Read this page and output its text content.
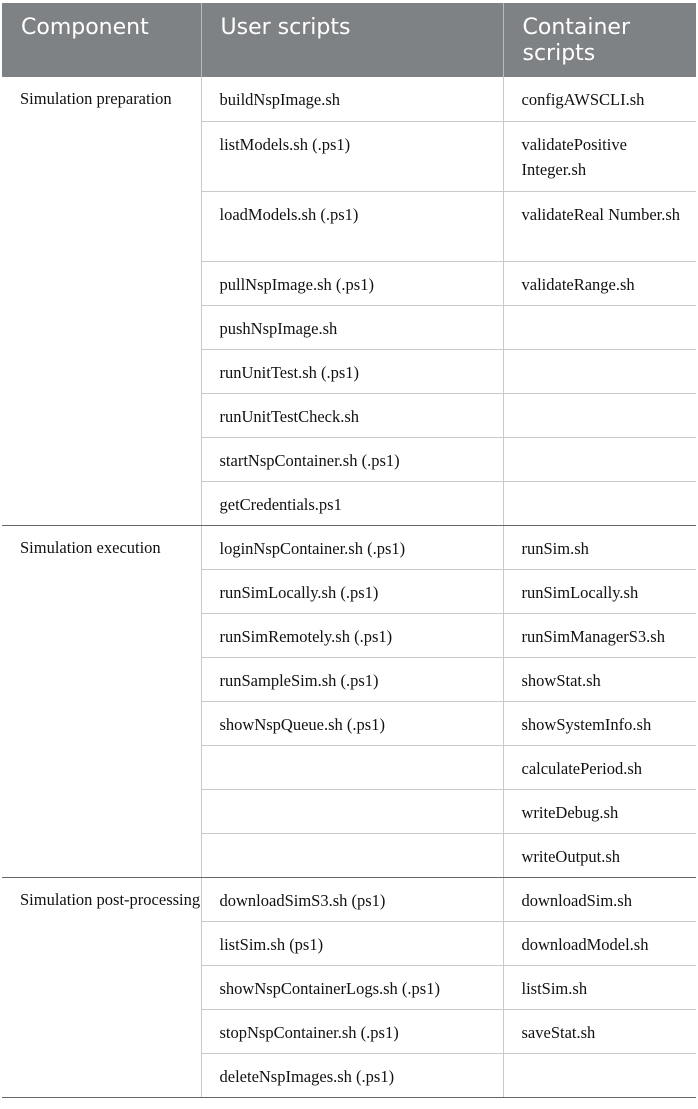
Component	User scripts	Container scripts
Simulation preparation	buildNspImage.sh	configAWSCLI.sh
	listModels.sh (.ps1)	validatePositive Integer.sh
	loadModels.sh (.ps1)	validateReal Number.sh
	pullNspImage.sh (.ps1)	validateRange.sh
	pushNspImage.sh	
	runUnitTest.sh (.ps1)	
	runUnitTestCheck.sh	
	startNspContainer.sh (.ps1)	
	getCredentials.ps1	
Simulation execution	loginNspContainer.sh (.ps1)	runSim.sh
	runSimLocally.sh (.ps1)	runSimLocally.sh
	runSimRemotely.sh (.ps1)	runSimManagerS3.sh
	runSampleSim.sh (.ps1)	showStat.sh
	showNspQueue.sh (.ps1)	showSystemInfo.sh
		calculatePeriod.sh
		writeDebug.sh
		writeOutput.sh
Simulation post-processing	downloadSimS3.sh (ps1)	downloadSim.sh
	listSim.sh (ps1)	downloadModel.sh
	showNspContainerLogs.sh (.ps1)	listSim.sh
	stopNspContainer.sh (.ps1)	saveStat.sh
	deleteNspImages.sh (.ps1)	
